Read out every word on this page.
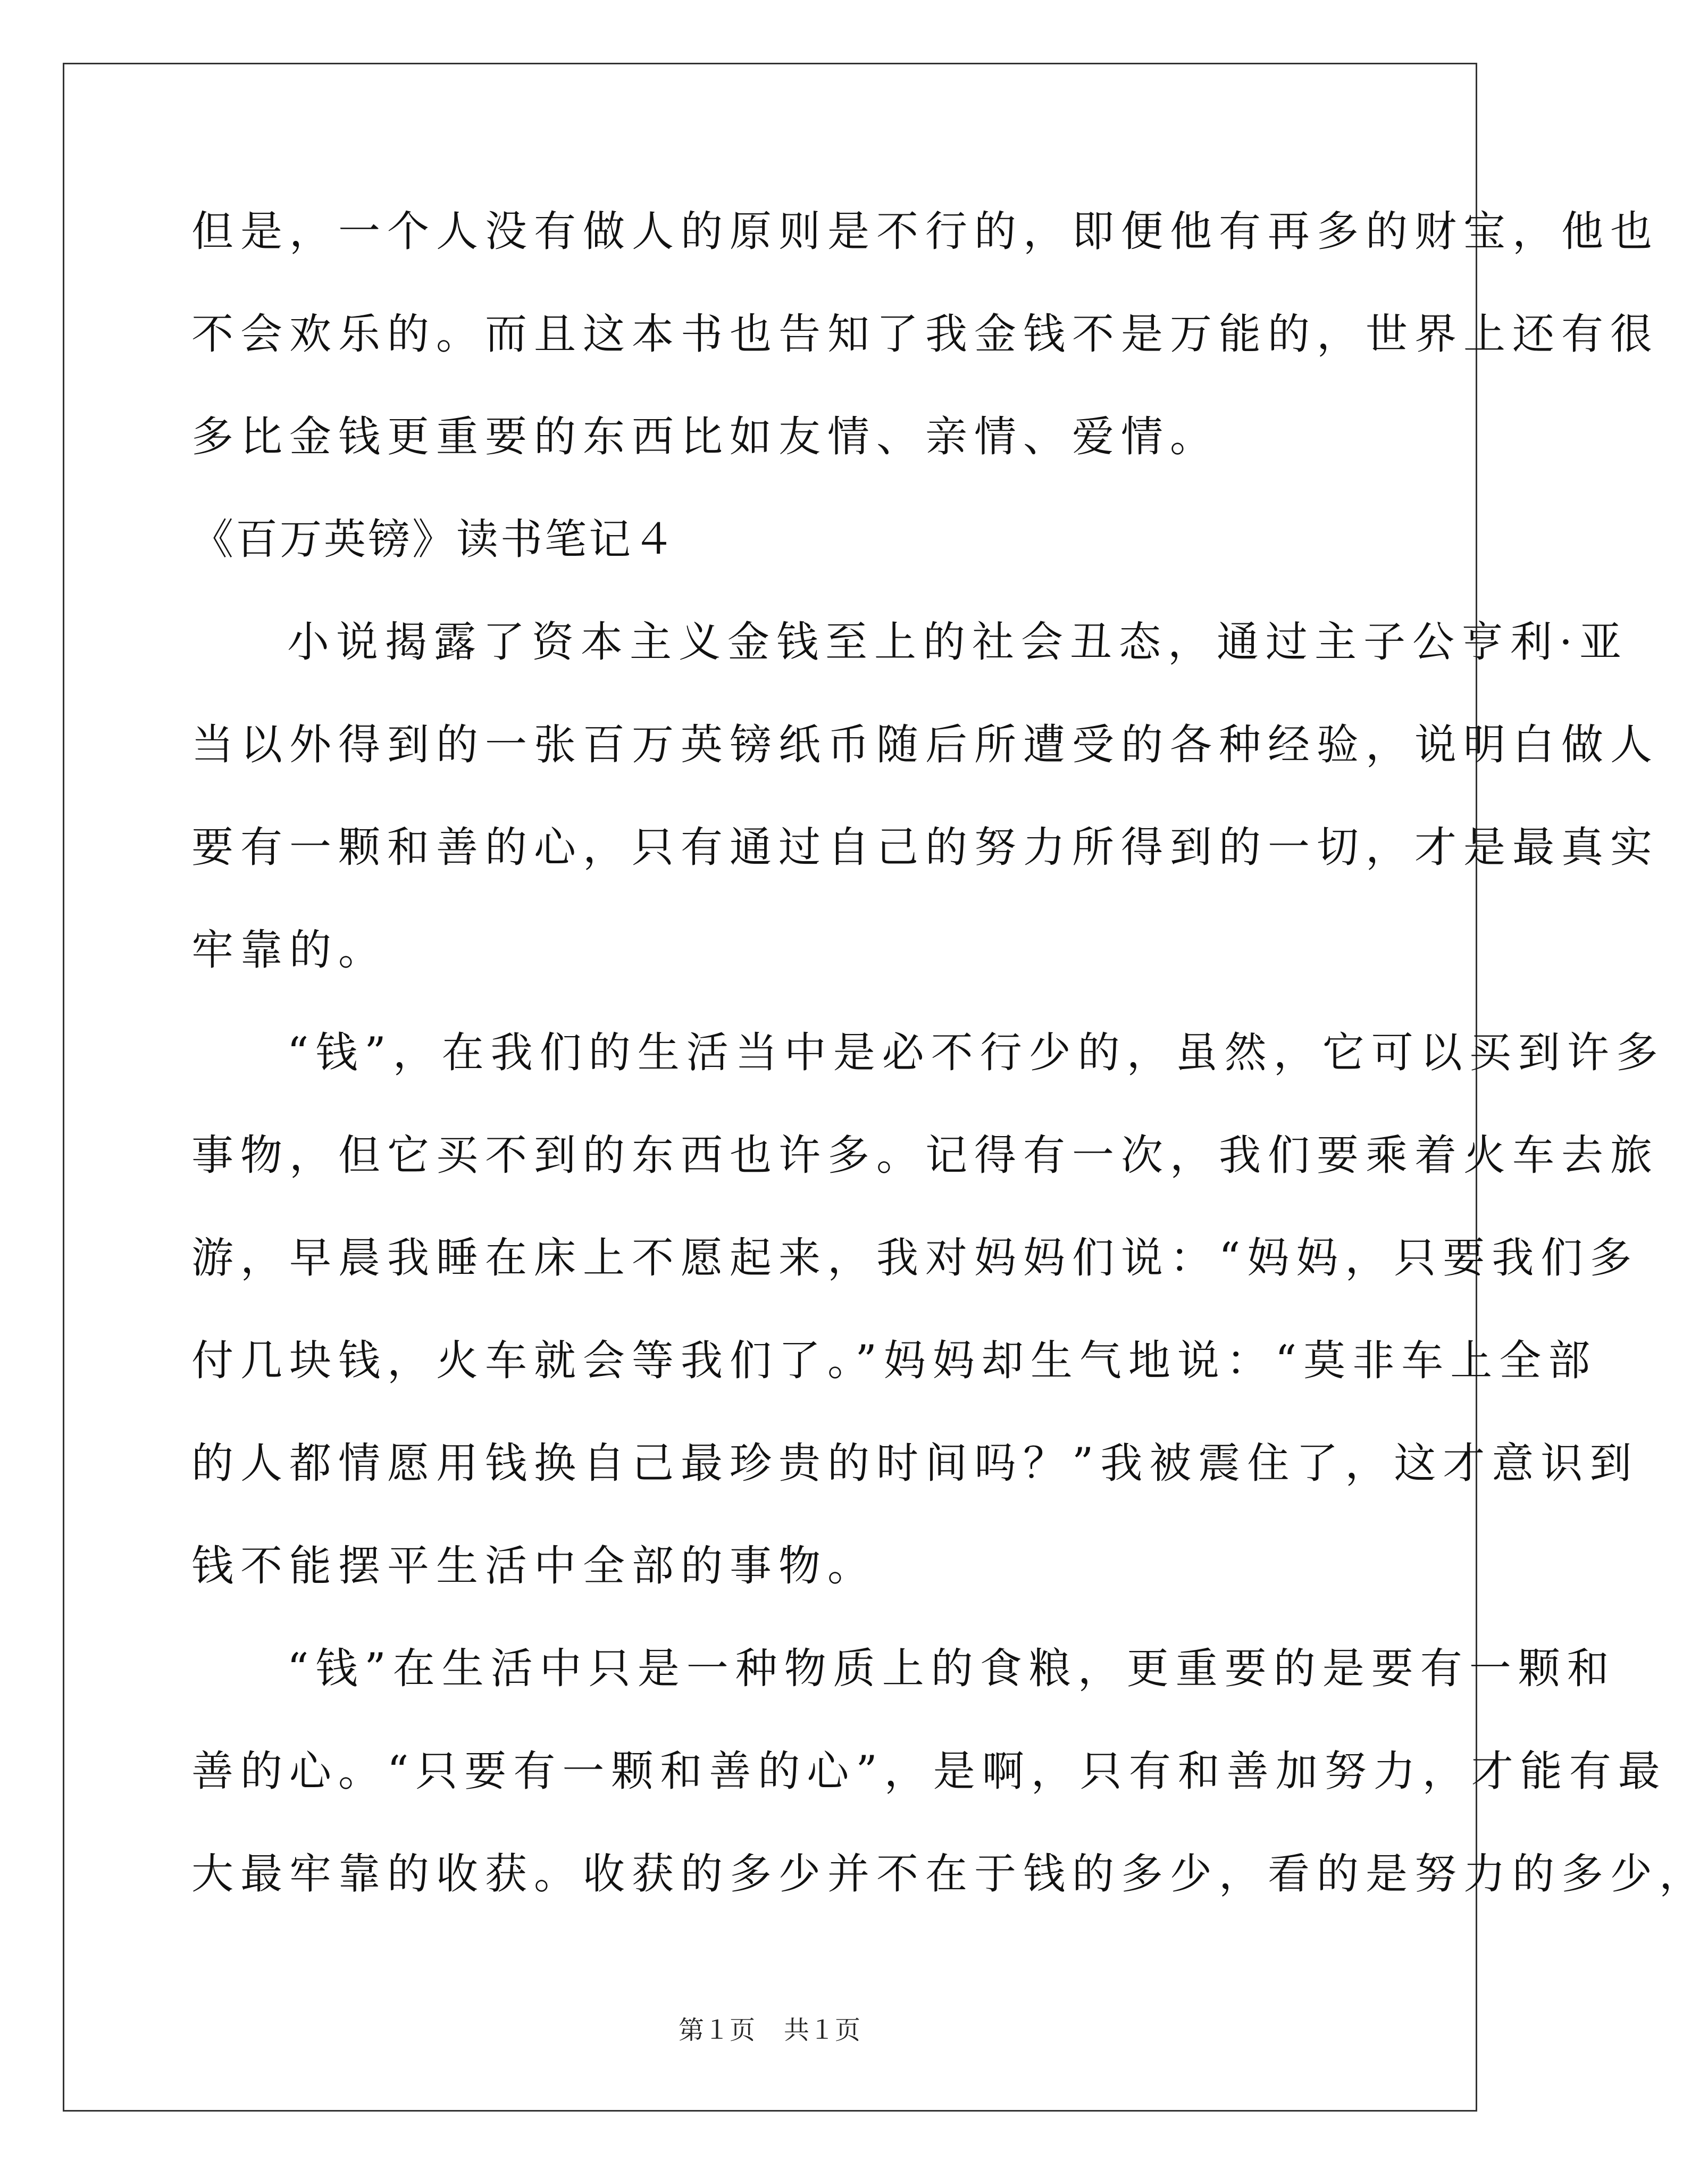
但是，一个人没有做人的原则是不行的，即便他有再多的财宝，他也
不会欢乐的。而且这本书也告知了我金钱不是万能的，世界上还有很
多比金钱更重要的东西比如友情、亲情、爱情。
《百万英镑》读书笔记４
小说揭露了资本主义金钱至上的社会丑态，通过主子公亨利·亚
当以外得到的一张百万英镑纸币随后所遭受的各种经验，说明白做人
要有一颗和善的心，只有通过自己的努力所得到的一切，才是最真实
牢靠的。
“钱”，在我们的生活当中是必不行少的，虽然，它可以买到许多
事物，但它买不到的东西也许多。记得有一次，我们要乘着火车去旅
游，早晨我睡在床上不愿起来，我对妈妈们说：“妈妈，只要我们多
付几块钱，火车就会等我们了。”妈妈却生气地说：“莫非车上全部
的人都情愿用钱换自己最珍贵的时间吗？”我被震住了，这才意识到
钱不能摆平生活中全部的事物。
“钱”在生活中只是一种物质上的食粮，更重要的是要有一颗和
善的心。“只要有一颗和善的心”，是啊，只有和善加努力，才能有最
大最牢靠的收获。收获的多少并不在于钱的多少，看的是努力的多少，
第１页 共１页
